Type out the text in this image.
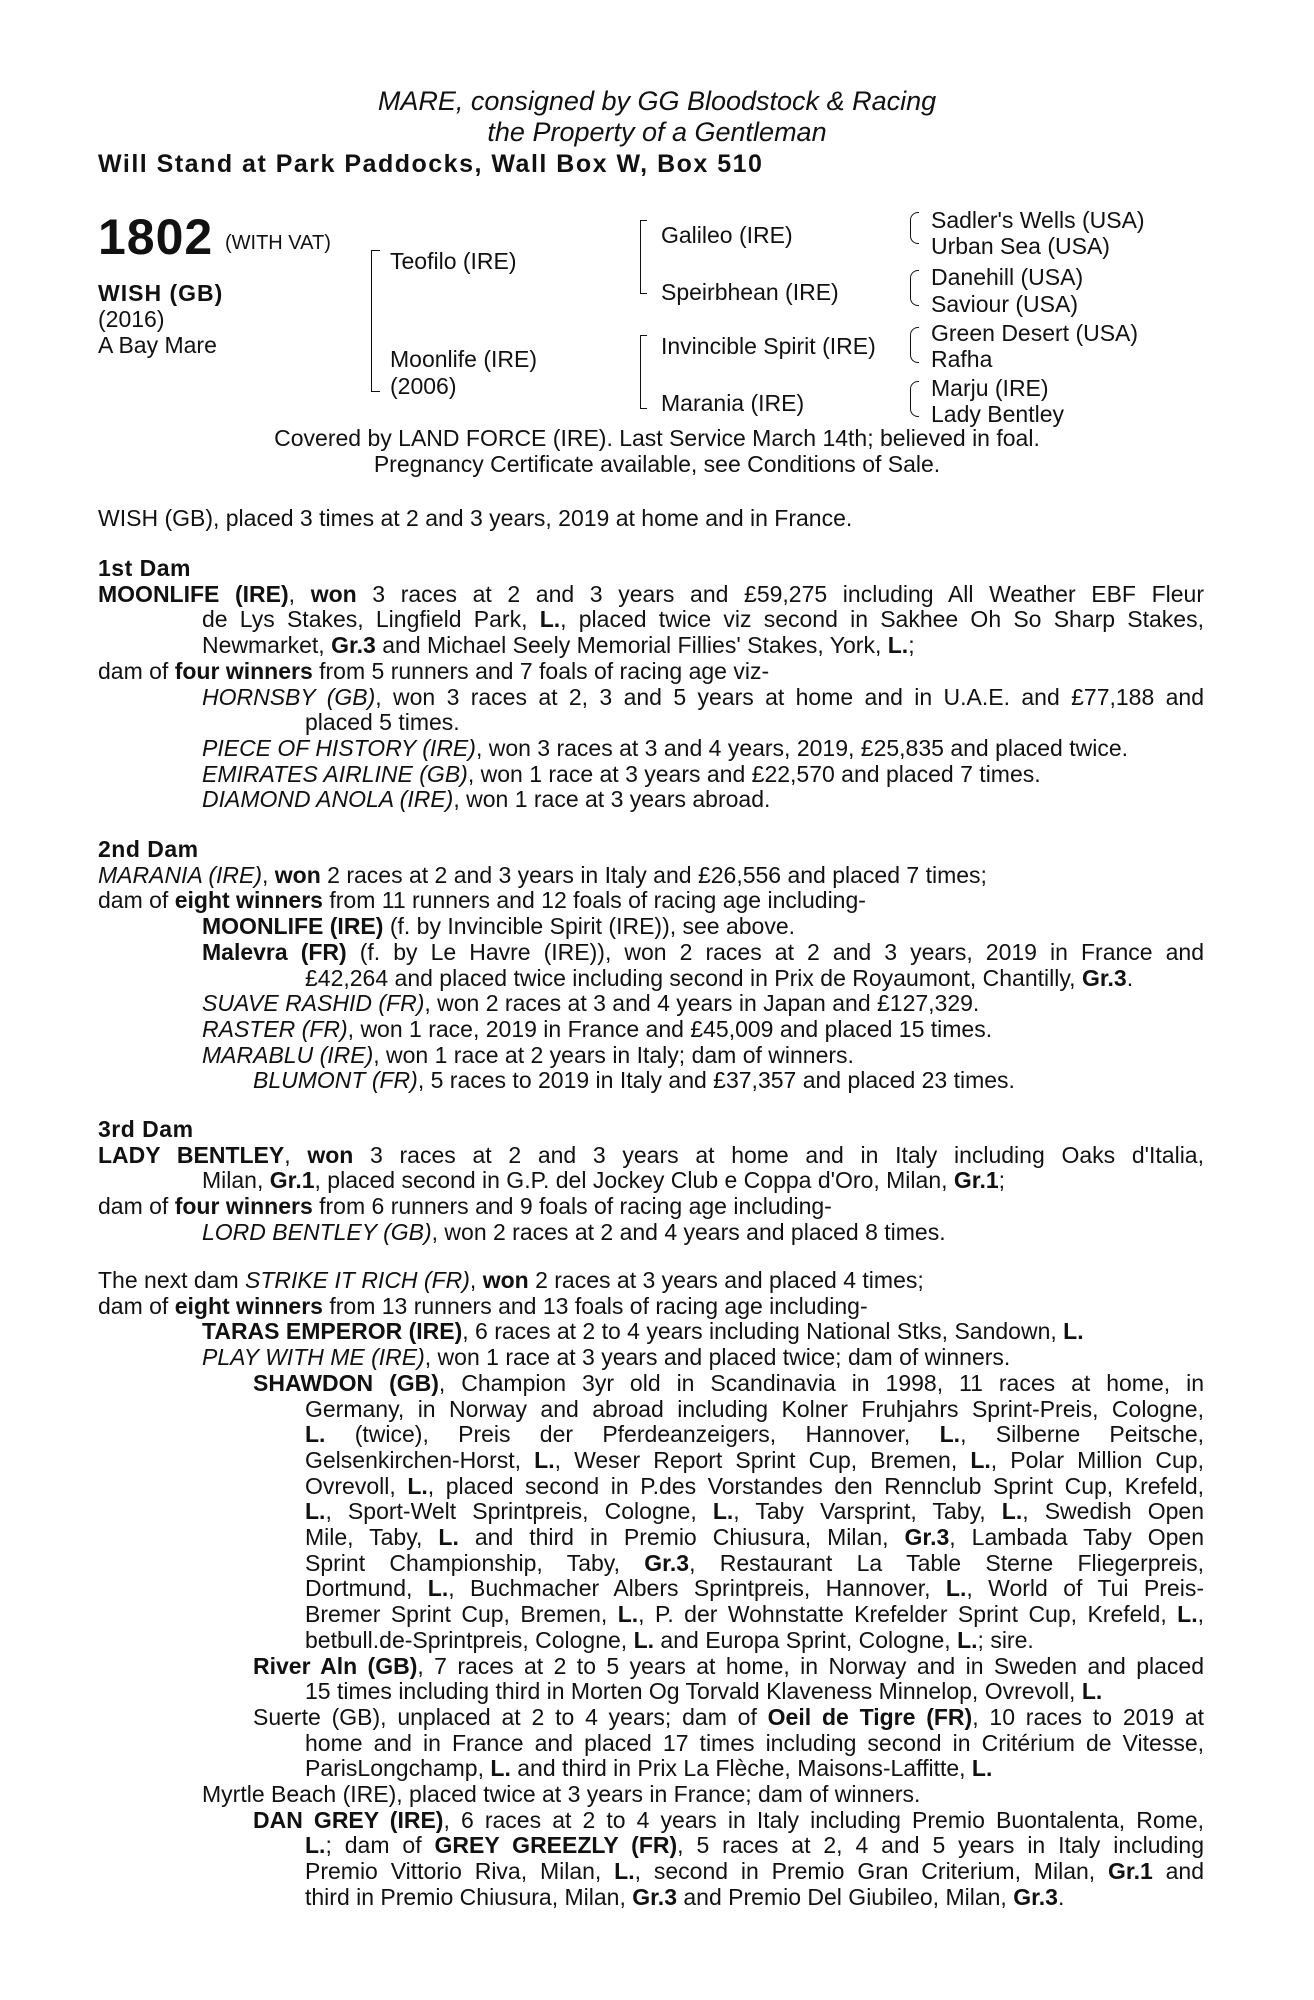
MARE, consigned by GG Bloodstock & Racing
the Property of a Gentleman
Will Stand at Park Paddocks, Wall Box W, Box 510
1802 (WITH VAT)
WISH (GB)
(2016)
A Bay Mare
Teofilo (IRE)
Moonlife (IRE)
(2006)
Galileo (IRE)
Speirbhean (IRE)
Invincible Spirit (IRE)
Marania (IRE)
Sadler's Wells (USA)
Urban Sea (USA)
Danehill (USA)
Saviour (USA)
Green Desert (USA)
Rafha
Marju (IRE)
Lady Bentley
Covered by LAND FORCE (IRE). Last Service March 14th; believed in foal.
Pregnancy Certificate available, see Conditions of Sale.
WISH (GB), placed 3 times at 2 and 3 years, 2019 at home and in France.
1st Dam
MOONLIFE (IRE), won 3 races at 2 and 3 years and £59,275 including All Weather EBF Fleur
de Lys Stakes, Lingfield Park, L., placed twice viz second in Sakhee Oh So Sharp Stakes,
Newmarket, Gr.3 and Michael Seely Memorial Fillies' Stakes, York, L.;
dam of four winners from 5 runners and 7 foals of racing age viz-
HORNSBY (GB), won 3 races at 2, 3 and 5 years at home and in U.A.E. and £77,188 and
placed 5 times.
PIECE OF HISTORY (IRE), won 3 races at 3 and 4 years, 2019, £25,835 and placed twice.
EMIRATES AIRLINE (GB), won 1 race at 3 years and £22,570 and placed 7 times.
DIAMOND ANOLA (IRE), won 1 race at 3 years abroad.
2nd Dam
MARANIA (IRE), won 2 races at 2 and 3 years in Italy and £26,556 and placed 7 times;
dam of eight winners from 11 runners and 12 foals of racing age including-
MOONLIFE (IRE) (f. by Invincible Spirit (IRE)), see above.
Malevra (FR) (f. by Le Havre (IRE)), won 2 races at 2 and 3 years, 2019 in France and
£42,264 and placed twice including second in Prix de Royaumont, Chantilly, Gr.3.
SUAVE RASHID (FR), won 2 races at 3 and 4 years in Japan and £127,329.
RASTER (FR), won 1 race, 2019 in France and £45,009 and placed 15 times.
MARABLU (IRE), won 1 race at 2 years in Italy; dam of winners.
BLUMONT (FR), 5 races to 2019 in Italy and £37,357 and placed 23 times.
3rd Dam
LADY BENTLEY, won 3 races at 2 and 3 years at home and in Italy including Oaks d'Italia,
Milan, Gr.1, placed second in G.P. del Jockey Club e Coppa d'Oro, Milan, Gr.1;
dam of four winners from 6 runners and 9 foals of racing age including-
LORD BENTLEY (GB), won 2 races at 2 and 4 years and placed 8 times.
The next dam STRIKE IT RICH (FR), won 2 races at 3 years and placed 4 times;
dam of eight winners from 13 runners and 13 foals of racing age including-
TARAS EMPEROR (IRE), 6 races at 2 to 4 years including National Stks, Sandown, L.
PLAY WITH ME (IRE), won 1 race at 3 years and placed twice; dam of winners.
SHAWDON (GB), Champion 3yr old in Scandinavia in 1998, 11 races at home, in
Germany, in Norway and abroad including Kolner Fruhjahrs Sprint-Preis, Cologne,
L. (twice), Preis der Pferdeanzeigers, Hannover, L., Silberne Peitsche,
Gelsenkirchen-Horst, L., Weser Report Sprint Cup, Bremen, L., Polar Million Cup,
Ovrevoll, L., placed second in P.des Vorstandes den Rennclub Sprint Cup, Krefeld,
L., Sport-Welt Sprintpreis, Cologne, L., Taby Varsprint, Taby, L., Swedish Open
Mile, Taby, L. and third in Premio Chiusura, Milan, Gr.3, Lambada Taby Open
Sprint Championship, Taby, Gr.3, Restaurant La Table Sterne Fliegerpreis,
Dortmund, L., Buchmacher Albers Sprintpreis, Hannover, L., World of Tui Preis-
Bremer Sprint Cup, Bremen, L., P. der Wohnstatte Krefelder Sprint Cup, Krefeld, L.,
betbull.de-Sprintpreis, Cologne, L. and Europa Sprint, Cologne, L.; sire.
River Aln (GB), 7 races at 2 to 5 years at home, in Norway and in Sweden and placed
15 times including third in Morten Og Torvald Klaveness Minnelop, Ovrevoll, L.
Suerte (GB), unplaced at 2 to 4 years; dam of Oeil de Tigre (FR), 10 races to 2019 at
home and in France and placed 17 times including second in Critérium de Vitesse,
ParisLongchamp, L. and third in Prix La Flèche, Maisons-Laffitte, L.
Myrtle Beach (IRE), placed twice at 3 years in France; dam of winners.
DAN GREY (IRE), 6 races at 2 to 4 years in Italy including Premio Buontalenta, Rome,
L.; dam of GREY GREEZLY (FR), 5 races at 2, 4 and 5 years in Italy including
Premio Vittorio Riva, Milan, L., second in Premio Gran Criterium, Milan, Gr.1 and
third in Premio Chiusura, Milan, Gr.3 and Premio Del Giubileo, Milan, Gr.3.
